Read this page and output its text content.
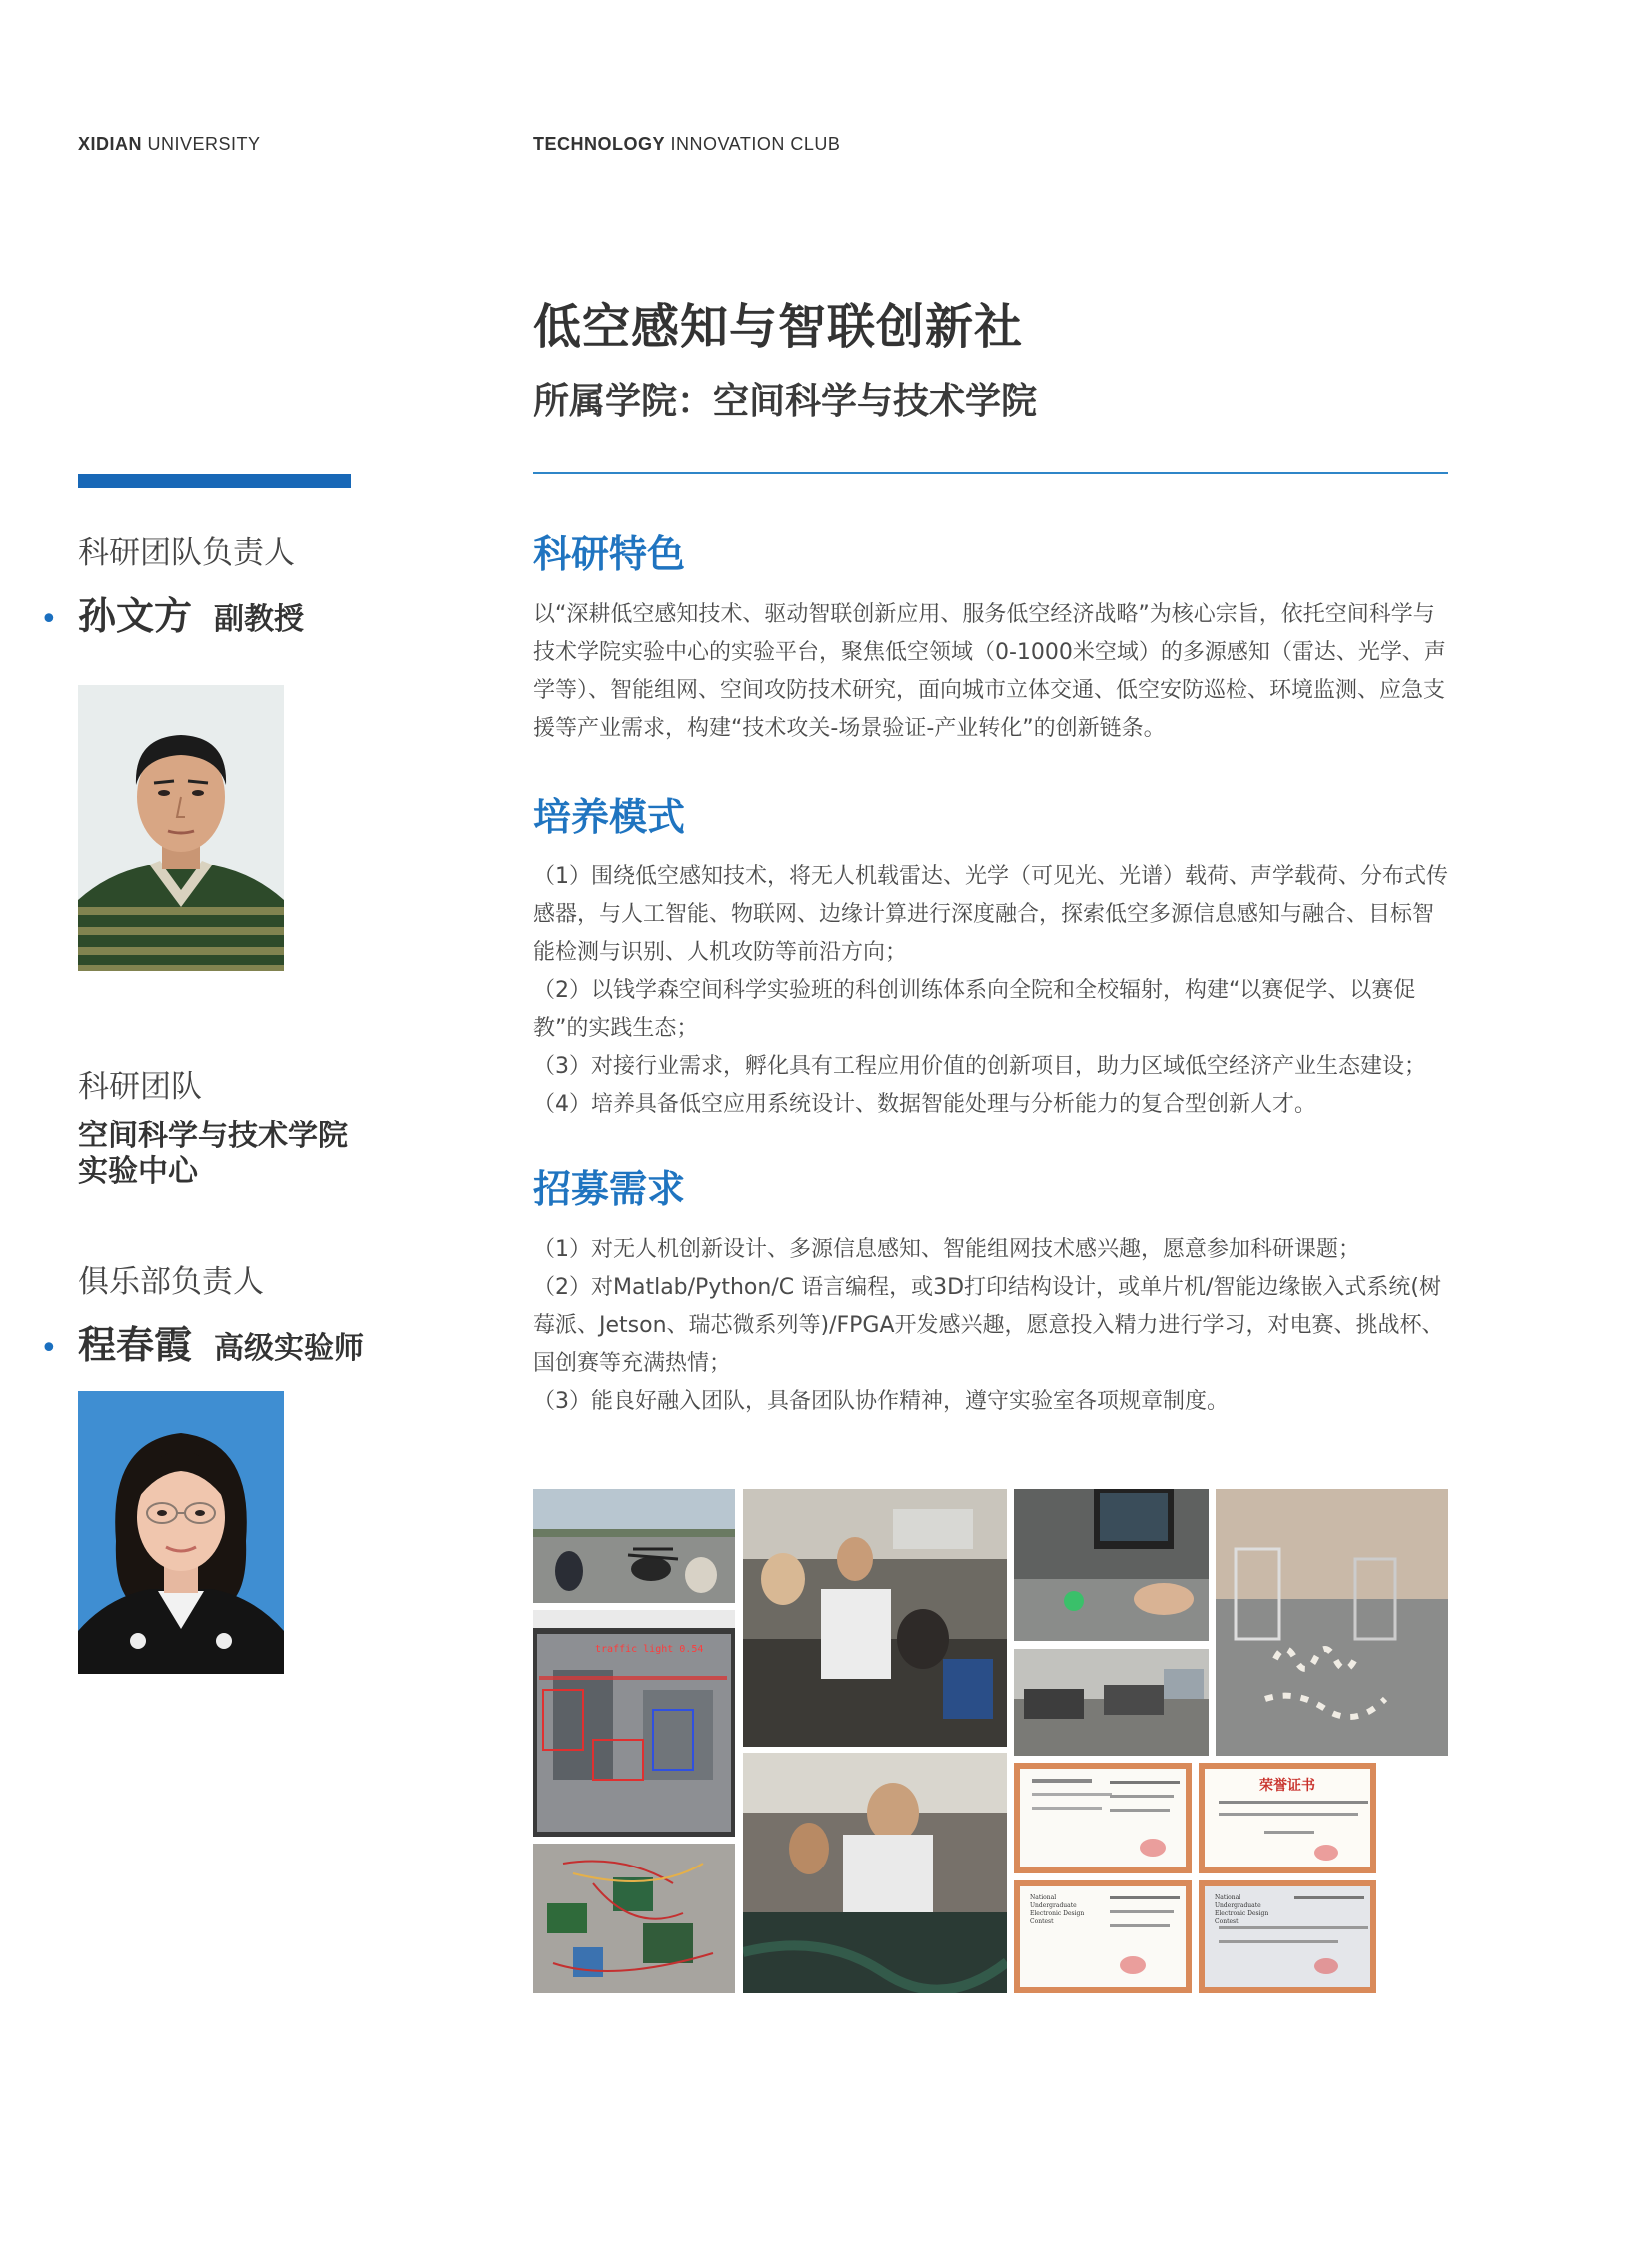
XIDIAN UNIVERSITY	TECHNOLOGY INNOVATION CLUB
低空感知与智联创新社
所属学院：空间科学与技术学院
科研团队负责人
• 孙文方 副教授
科研团队
空间科学与技术学院
实验中心
俱乐部负责人
• 程春霞 高级实验师
科研特色

以“深耕低空感知技术、驱动智联创新应用、服务低空经济战略”为核心宗旨，依托空间科学与技术学院实验中心的实验平台，聚焦低空领域（0-1000米空域）的多源感知（雷达、光学、声学等）、智能组网、空间攻防技术研究，面向城市立体交通、低空安防巡检、环境监测、应急支援等产业需求，构建“技术攻关-场景验证-产业转化”的创新链条。

培养模式

（1）围绕低空感知技术，将无人机载雷达、光学（可见光、光谱）载荷、声学载荷、分布式传感器，与人工智能、物联网、边缘计算进行深度融合，探索低空多源信息感知与融合、目标智能检测与识别、人机攻防等前沿方向；

（2）以钱学森空间科学实验班的科创训练体系向全院和全校辐射，构建“以赛促学、以赛促教”的实践生态；

（3）对接行业需求，孵化具有工程应用价值的创新项目，助力区域低空经济产业生态建设；

（4）培养具备低空应用系统设计、数据智能处理与分析能力的复合型创新人才。

招募需求

（1）对无人机创新设计、多源信息感知、智能组网技术感兴趣，愿意参加科研课题；

（2）对Matlab/Python/C 语言编程，或3D打印结构设计，或单片机/智能边缘嵌入式系统(树莓派、Jetson、瑞芯微系列等)/FPGA开发感兴趣，愿意投入精力进行学习，对电赛、挑战杯、国创赛等充满热情；

（3）能良好融入团队，具备团队协作精神，遵守实验室各项规章制度。

traffic light 0.54
荣誉证书
National Undergraduate Electronic Design Contest
National Undergraduate Electronic Design Contest
